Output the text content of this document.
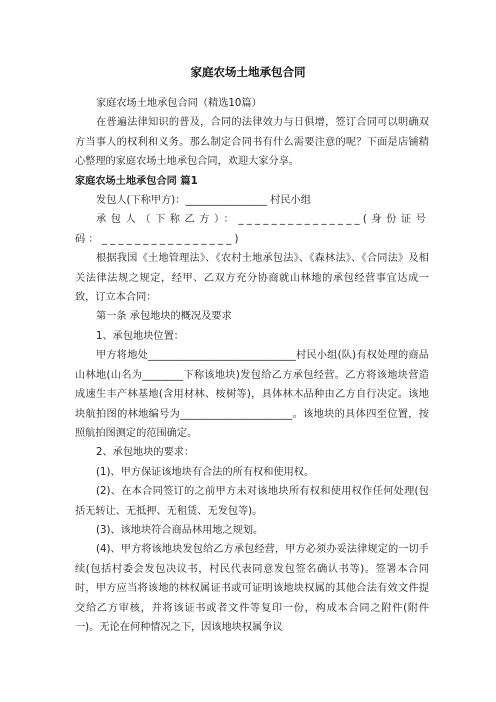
家庭农场土地承包合同

家庭农场土地承包合同（精选10篇）

在普遍法律知识的普及，合同的法律效力与日俱增，签订合同可以明确双方当事人的权利和义务。那么制定合同书有什么需要注意的呢？下面是店铺精心整理的家庭农场土地承包合同，欢迎大家分享。

家庭农场土地承包合同 篇1

发包人(下称甲方)：________________ 村民小组

承包人（下称乙方）：_______________(身份证号码：________________)

根据我国《土地管理法》、《农村土地承包法》、《森林法》、《合同法》及相关法律法规之规定，经甲、乙双方充分协商就山林地的承包经营事宜达成一致，订立本合同：

第一条 承包地块的概况及要求

1、承包地块位置：

甲方将地处_____________________________村民小组(队)有权处理的商品山林地(山名为________下称该地块)发包给乙方承包经营。乙方将该地块营造成速生丰产林基地(含用材林、桉树等)，具体林木品种由乙方自行决定。该地块航拍图的林地编号为______________________。该地块的具体四至位置，按照航拍图测定的范围确定。

2、承包地块的要求：

(1)、甲方保证该地块有合法的所有权和使用权。

(2)、在本合同签订的之前甲方未对该地块所有权和使用权作任何处理(包括无转让、无抵押、无租赁、无发包等)。

(3)、该地块符合商品林用地之规划。

(4)、甲方将该地块发包给乙方承包经营，甲方必须办妥法律规定的一切手续(包括村委会发包决议书，村民代表同意发包签名确认书等)。签署本合同时，甲方应当将该地的林权属证书或可证明该地块权属的其他合法有效文件提交给乙方审核，并将该证书或者文件等复印一份，构成本合同之附件(附件一)。无论在何种情况之下，因该地块权属争议
